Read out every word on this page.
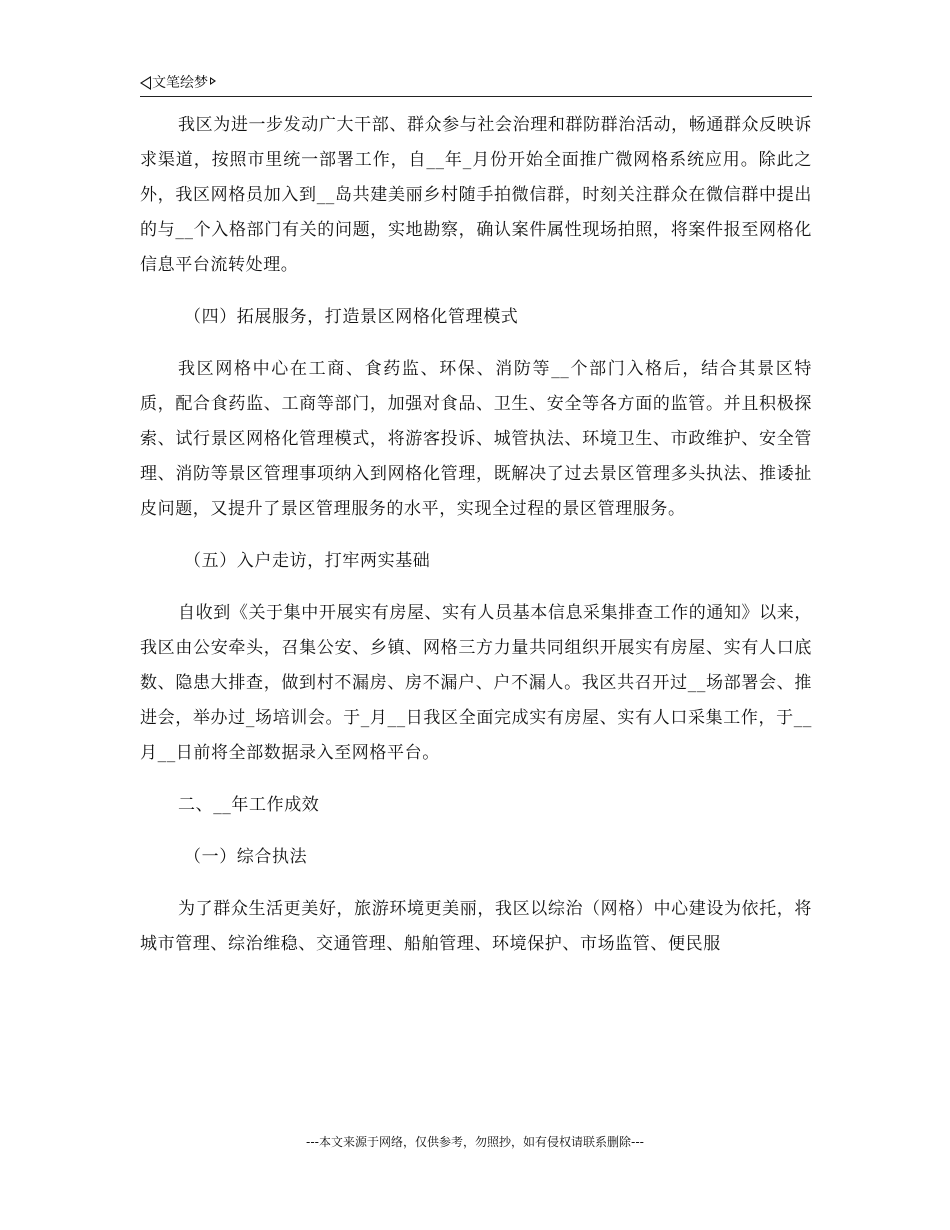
文笔绘梦

我区为进一步发动广大干部、群众参与社会治理和群防群治活动，畅通群众反映诉求渠道，按照市里统一部署工作，自__年_月份开始全面推广微网格系统应用。除此之外，我区网格员加入到__岛共建美丽乡村随手拍微信群，时刻关注群众在微信群中提出的与__个入格部门有关的问题，实地勘察，确认案件属性现场拍照，将案件报至网格化信息平台流转处理。

（四）拓展服务，打造景区网格化管理模式

我区网格中心在工商、食药监、环保、消防等__个部门入格后，结合其景区特质，配合食药监、工商等部门，加强对食品、卫生、安全等各方面的监管。并且积极探索、试行景区网格化管理模式，将游客投诉、城管执法、环境卫生、市政维护、安全管理、消防等景区管理事项纳入到网格化管理，既解决了过去景区管理多头执法、推诿扯皮问题，又提升了景区管理服务的水平，实现全过程的景区管理服务。

（五）入户走访，打牢两实基础

自收到《关于集中开展实有房屋、实有人员基本信息采集排查工作的通知》以来，我区由公安牵头，召集公安、乡镇、网格三方力量共同组织开展实有房屋、实有人口底数、隐患大排查，做到村不漏房、房不漏户、户不漏人。我区共召开过__场部署会、推进会，举办过_场培训会。于_月__日我区全面完成实有房屋、实有人口采集工作，于__月__日前将全部数据录入至网格平台。

二、__年工作成效

（一）综合执法

为了群众生活更美好，旅游环境更美丽，我区以综治（网格）中心建设为依托，将城市管理、综治维稳、交通管理、船舶管理、环境保护、市场监管、便民服

---本文来源于网络，仅供参考，勿照抄，如有侵权请联系删除---
